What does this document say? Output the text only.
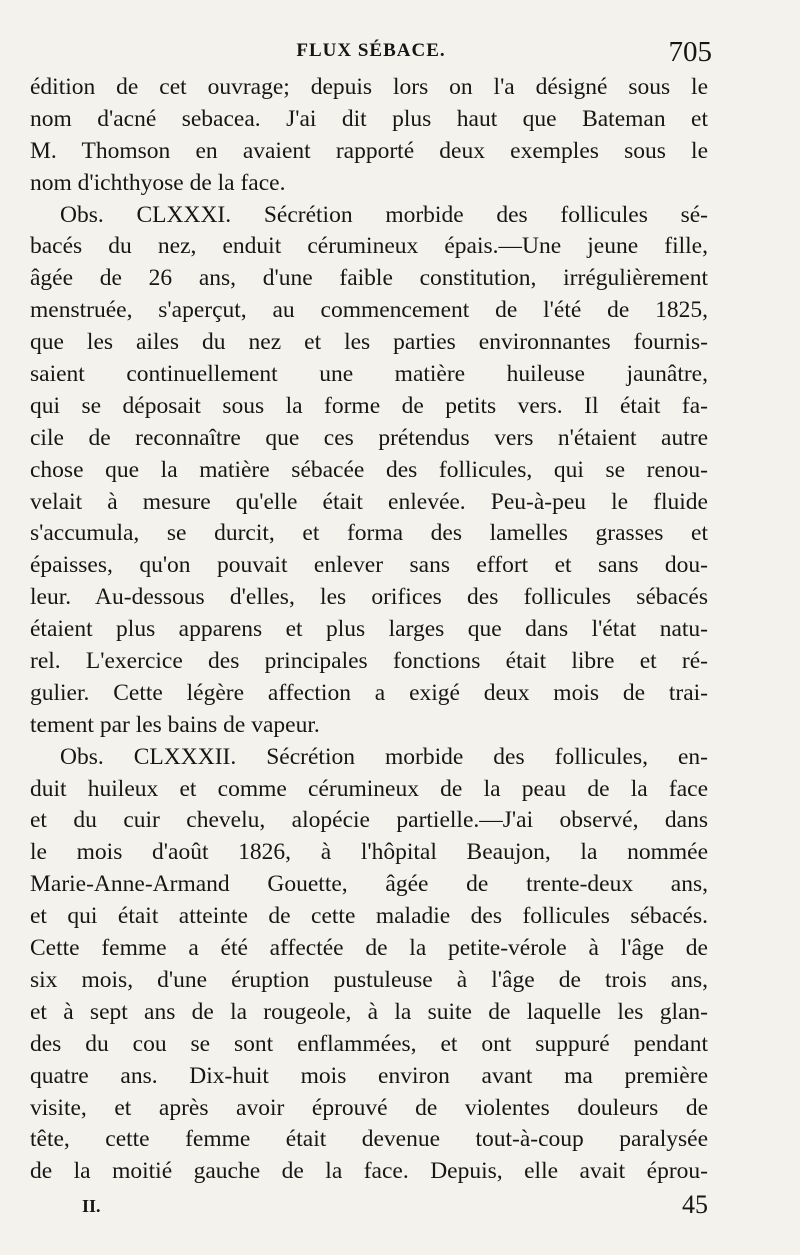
FLUX SÉBACE.	705
édition de cet ouvrage; depuis lors on l'a désigné sous le
nom d'acné sebacea. J'ai dit plus haut que Bateman et
M. Thomson en avaient rapporté deux exemples sous le
nom d'ichthyose de la face.
Obs. CLXXXI. Sécrétion morbide des follicules sé-
bacés du nez, enduit cérumineux épais.—Une jeune fille,
âgée de 26 ans, d'une faible constitution, irrégulièrement
menstruée, s'aperçut, au commencement de l'été de 1825,
que les ailes du nez et les parties environnantes fournis-
saient continuellement une matière huileuse jaunâtre,
qui se déposait sous la forme de petits vers. Il était fa-
cile de reconnaître que ces prétendus vers n'étaient autre
chose que la matière sébacée des follicules, qui se renou-
velait à mesure qu'elle était enlevée. Peu-à-peu le fluide
s'accumula, se durcit, et forma des lamelles grasses et
épaisses, qu'on pouvait enlever sans effort et sans dou-
leur. Au-dessous d'elles, les orifices des follicules sébacés
étaient plus apparens et plus larges que dans l'état natu-
rel. L'exercice des principales fonctions était libre et ré-
gulier. Cette légère affection a exigé deux mois de trai-
tement par les bains de vapeur.
Obs. CLXXXII. Sécrétion morbide des follicules, en-
duit huileux et comme cérumineux de la peau de la face
et du cuir chevelu, alopécie partielle.—J'ai observé, dans
le mois d'août 1826, à l'hôpital Beaujon, la nommée
Marie-Anne-Armand Gouette, âgée de trente-deux ans,
et qui était atteinte de cette maladie des follicules sébacés.
Cette femme a été affectée de la petite-vérole à l'âge de
six mois, d'une éruption pustuleuse à l'âge de trois ans,
et à sept ans de la rougeole, à la suite de laquelle les glan-
des du cou se sont enflammées, et ont suppuré pendant
quatre ans. Dix-huit mois environ avant ma première
visite, et après avoir éprouvé de violentes douleurs de
tête, cette femme était devenue tout-à-coup paralysée
de la moitié gauche de la face. Depuis, elle avait éprou-
II.	45
